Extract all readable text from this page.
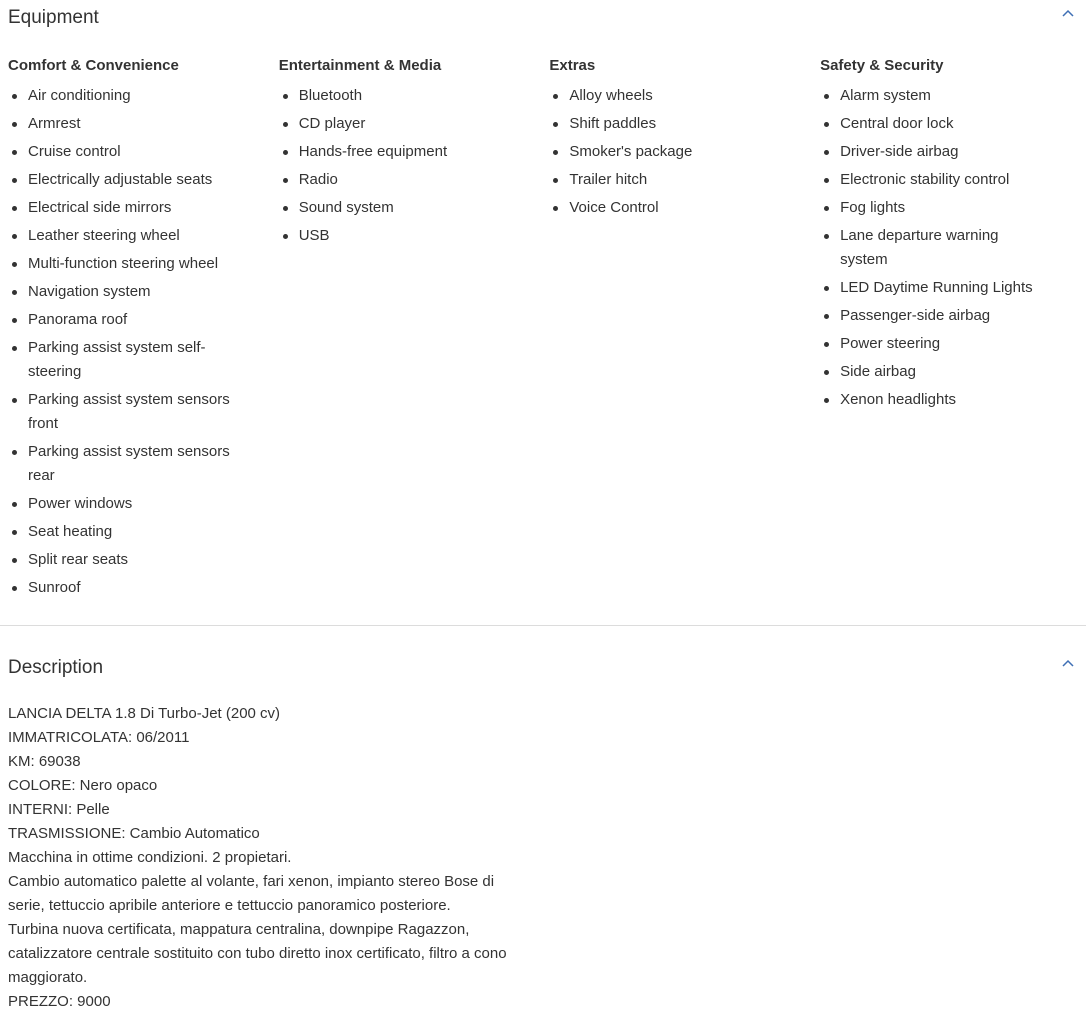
Equipment
Comfort & Convenience
Air conditioning
Armrest
Cruise control
Electrically adjustable seats
Electrical side mirrors
Leather steering wheel
Multi-function steering wheel
Navigation system
Panorama roof
Parking assist system self-steering
Parking assist system sensors front
Parking assist system sensors rear
Power windows
Seat heating
Split rear seats
Sunroof
Entertainment & Media
Bluetooth
CD player
Hands-free equipment
Radio
Sound system
USB
Extras
Alloy wheels
Shift paddles
Smoker's package
Trailer hitch
Voice Control
Safety & Security
Alarm system
Central door lock
Driver-side airbag
Electronic stability control
Fog lights
Lane departure warning system
LED Daytime Running Lights
Passenger-side airbag
Power steering
Side airbag
Xenon headlights
Description
LANCIA DELTA 1.8 Di Turbo-Jet (200 cv)
IMMATRICOLATA: 06/2011
KM: 69038
COLORE: Nero opaco
INTERNI: Pelle
TRASMISSIONE: Cambio Automatico
Macchina in ottime condizioni. 2 propietari.
Cambio automatico palette al volante, fari xenon, impianto stereo Bose di serie, tettuccio apribile anteriore e tettuccio panoramico posteriore.
Turbina nuova certificata, mappatura centralina, downpipe Ragazzon, catalizzatore centrale sostituito con tubo diretto inox certificato, filtro a cono maggiorato.
PREZZO: 9000
